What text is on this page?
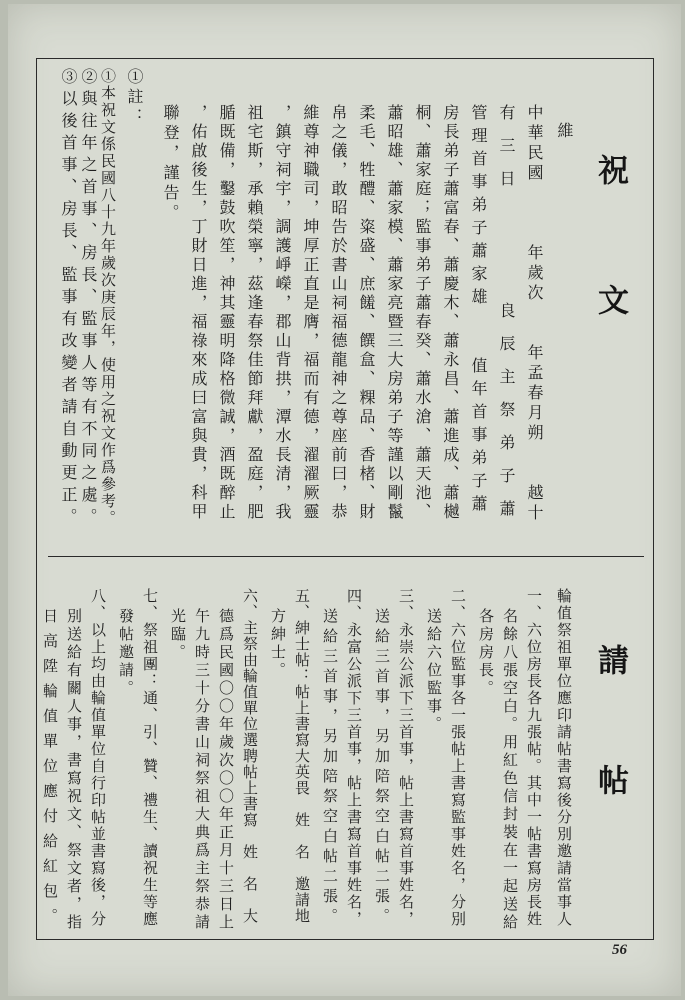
祝
文
維
中華民國　　　年歲次　　年孟春月朔　　越十
有三日　　　良辰主祭弟子蕭
管理首事弟子蕭家雄　　值年首事弟子蕭
房長弟子蕭富春、蕭慶木、蕭永昌、蕭進成、蕭樾
桐、蕭家庭；監事弟子蕭春癸、蕭水滄、蕭天池、
蕭昭雄、蕭家模、蕭家亮暨三大房弟子等謹以剛鬣
柔毛、牲醴、粢盛、庶饈、饌盒、粿品、香楮、財
帛之儀，敢昭告於書山祠福德龍神之尊座前曰，恭
維尊神職司，坤厚正直是膺，福而有德，濯濯厥靈
，鎮守祠宇，調護崢嶸，郡山背拱，潭水長清，我
祖宅斯，承賴榮寧，茲逢春祭佳節拜獻，盈庭，肥
腯既備，鑿鼓吹笙，神其靈明降格微誠，酒既醉止
，佑啟後生，丁財日進，福祿來成曰富與貴，科甲
聯登，謹告。
①註：
①本祝文係民國八十九年歲次庚辰年，使用之祝文作爲參考。
②與往年之首事、房長、監事人等有不同之處。
③以後首事、房長、監事有改變者請自動更正。
請
帖
輪值祭祖單位應印請帖書寫後分別邀請當事人
一、六位房長各九張帖。其中一帖書寫房長姓
名餘八張空白。用紅色信封裝在一起送給
各房房長。
二、六位監事各一張帖上書寫監事姓名，分別
送給六位監事。
三、永崇公派下三首事，帖上書寫首事姓名，
送給三首事，另加陪祭空白帖二張。
四、永富公派下三首事，帖上書寫首事姓名，
送給三首事，另加陪祭空白帖二張。
五、紳士帖：帖上書寫大英畏　姓　名　邀請地
方紳士。
六、主祭由輪值單位選聘帖上書寫　姓　名　大
德爲民國〇〇年歲次〇〇年正月十三日上
午九時三十分書山祠祭祖大典爲主祭恭請
光臨。
七、祭祖團：通、引、贊、禮生、讀祝生等應
發帖邀請。
八、以上均由輪值單位自行印帖並書寫後，分
別送給有關人事，書寫祝文、祭文者，指
日高陞輪值單位應付給紅包。
56
